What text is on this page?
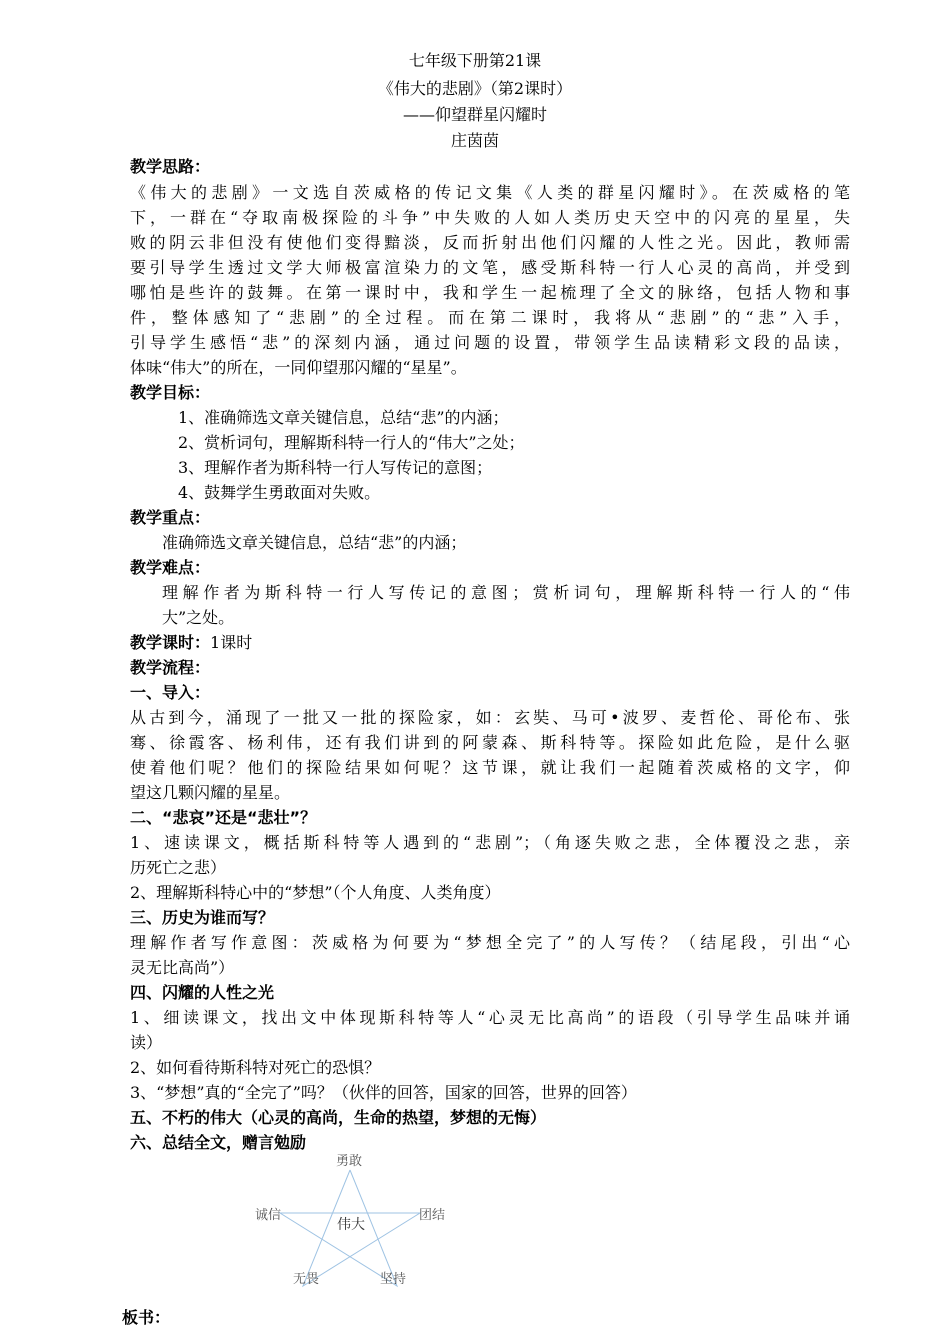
七年级下册第21课
《伟大的悲剧》（第2课时）
——仰望群星闪耀时
庄茵茵
教学思路：
《伟大的悲剧》一文选自茨威格的传记文集《人类的群星闪耀时》。在茨威格的笔
下，一群在“夺取南极探险的斗争”中失败的人如人类历史天空中的闪亮的星星，失
败的阴云非但没有使他们变得黯淡，反而折射出他们闪耀的人性之光。因此，教师需
要引导学生透过文学大师极富渲染力的文笔，感受斯科特一行人心灵的高尚，并受到
哪怕是些许的鼓舞。在第一课时中，我和学生一起梳理了全文的脉络，包括人物和事
件，整体感知了“悲剧”的全过程。而在第二课时，我将从“悲剧”的“悲”入手，
引导学生感悟“悲”的深刻内涵，通过问题的设置，带领学生品读精彩文段的品读，
体味“伟大”的所在，一同仰望那闪耀的“星星”。
教学目标：
1、准确筛选文章关键信息，总结“悲”的内涵；
2、赏析词句，理解斯科特一行人的“伟大”之处；
3、理解作者为斯科特一行人写传记的意图；
4、鼓舞学生勇敢面对失败。
教学重点：
准确筛选文章关键信息，总结“悲”的内涵；
教学难点：
理解作者为斯科特一行人写传记的意图；赏析词句，理解斯科特一行人的“伟
大”之处。
教学课时：1课时
教学流程：
一、导入：
从古到今，涌现了一批又一批的探险家，如：玄奘、马可•波罗、麦哲伦、哥伦布、张
骞、徐霞客、杨利伟，还有我们讲到的阿蒙森、斯科特等。探险如此危险，是什么驱
使着他们呢？他们的探险结果如何呢？这节课，就让我们一起随着茨威格的文字，仰
望这几颗闪耀的星星。
二、“悲哀”还是“悲壮”？
1、速读课文，概括斯科特等人遇到的“悲剧”；（角逐失败之悲，全体覆没之悲，亲
历死亡之悲）
2、理解斯科特心中的“梦想”（个人角度、人类角度）
三、历史为谁而写？
理解作者写作意图：茨威格为何要为“梦想全完了”的人写传？（结尾段，引出“心
灵无比高尚”）
四、闪耀的人性之光
1、细读课文，找出文中体现斯科特等人“心灵无比高尚”的语段（引导学生品味并诵
读）
2、如何看待斯科特对死亡的恐惧？
3、“梦想”真的“全完了”吗？（伙伴的回答，国家的回答，世界的回答）
五、不朽的伟大（心灵的高尚，生命的热望，梦想的无悔）
六、总结全文，赠言勉励
勇敢
诚信	团结
伟大
无畏	坚持
板书：
